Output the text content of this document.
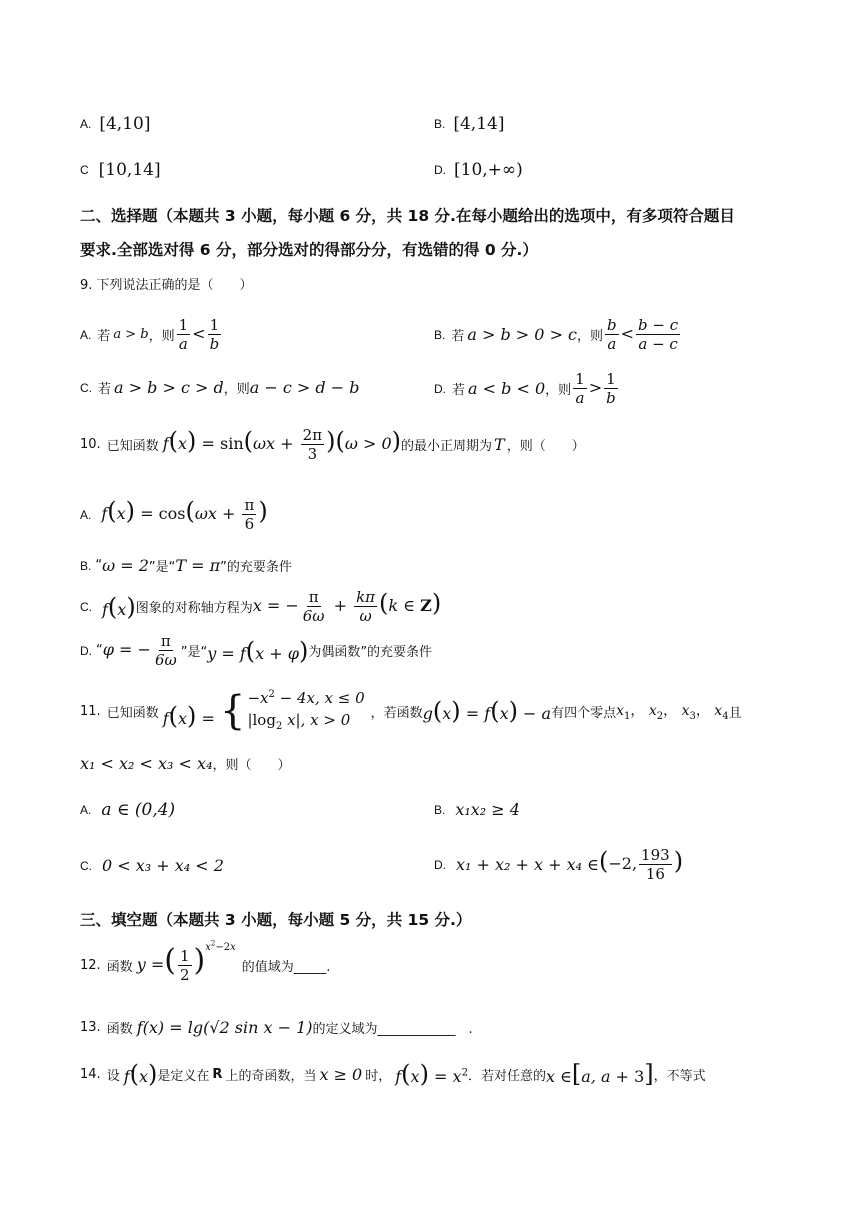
A. [4,10]	B. [4,14]
C [10,14]	D. [10,+∞)
二、选择题（本题共 3 小题，每小题 6 分，共 18 分.在每小题给出的选项中，有多项符合题目
要求.全部选对得 6 分，部分选对的得部分分，有选错的得 0 分.）
9. 下列说法正确的是（　　）
A. 若 a > b ，则 $\frac{1}{a} < \frac{1}{b}$	B. 若 a > b > 0 > c ，则 $\frac{b}{a} < \frac{b - c}{a - c}$
C. 若 a > b > c > d ，则 a − c > d − b	D. 若 a < b < 0 ，则 $\frac{1}{a} > \frac{1}{b}$
10. 已知函数 $f(x) = \sin(\omega x + \frac{2\pi}{3} )(\omega > 0)$ 的最小正周期为 T ，则（　　）
A. $f(x) = \cos(\omega x + \frac{\pi}{6}$ )
B. “ ω = 2 ”是“ T = π ”的充要条件
C. f(x) 图象的对称轴方程为 x = − $\frac{\pi}{6\omega} + \frac{k\pi}{\omega} (k$ ∈ Z)
D. “ φ = − $\frac{\pi}{6\omega}$ ”是“ y = f(x + φ) 为偶函数”的充要条件
11. 已知函数 f(x) = { $-x^2 - 4x$, x ≤ 0
$|\log_2$ x|, x > 0	，若函数 g(x) = f(x) − a 有四个零点 $x_1$， $x_2$， $x_3$， $x_4$ 且
x₁ < x₂ < x₃ < x₄ ，则（　　）
A. a ∈ (0,4)	B. x₁x₂ ≥ 4
C. 0 < x₃ + x₄ < 2	D. x₁ + x₂ + x + x₄ ∈ (−2, $\frac{193}{16}$ )
三、填空题（本题共 3 小题，每小题 5 分，共 15 分.）
12. 函数 y =( $\frac{1}{2} )^{x^2-2x}$
的值域为_____.
13. 函数 f(x) = lg(√2 sin x − 1) 的定义域为____________　.
14. 设 f(x) 是定义在 R 上的奇函数，当 x ≥ 0 时， $f(x) = x^2$ ．若对任意的 x ∈[a, a + 3] ，不等式
